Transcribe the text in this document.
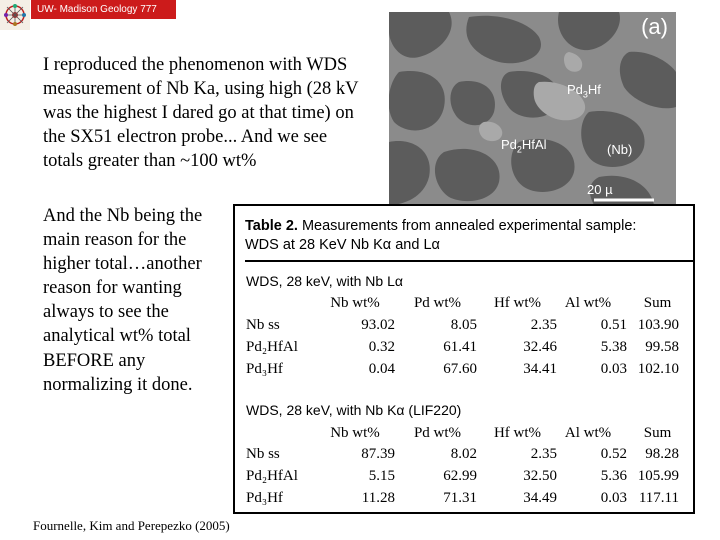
UW- Madison Geology 777

I reproduced the phenomenon with WDS measurement of Nb Ka, using high (28 kV was the highest I dared go at that time) on the SX51 electron probe... And we see totals greater than ~100 wt%

And the Nb being the main reason for the higher total…another reason for wanting always to see the analytical wt% total BEFORE any normalizing it done.

Fournelle, Kim and Perepezko (2005)
(a)
$Pd_3Hf$
$Pd_2HfAl$	(Nb)
20 µ
Table 2. Measurements from annealed experimental sample:
WDS at 28 KeV Nb Kα and Lα
WDS, 28 keV, with Nb Lα
Nb wt%	Pd wt%	Hf wt%	Al wt%	Sum
Nb ss	93.02	8.05	2.35	0.51 103.90
Pd₂HfAl	0.32	61.41	32.46	5.38	99.58
Pd₃Hf	0.04	67.60	34.41	0.03 102.10
WDS, 28 keV, with Nb Kα (LIF220)
Nb wt%	Pd wt%	Hf wt%	Al wt%	Sum
Nb ss	87.39	8.02	2.35	0.52	98.28
Pd₂HfAl	5.15	62.99	32.50	5.36 105.99
Pd₃Hf	11.28	71.31	34.49	0.03 117.11
